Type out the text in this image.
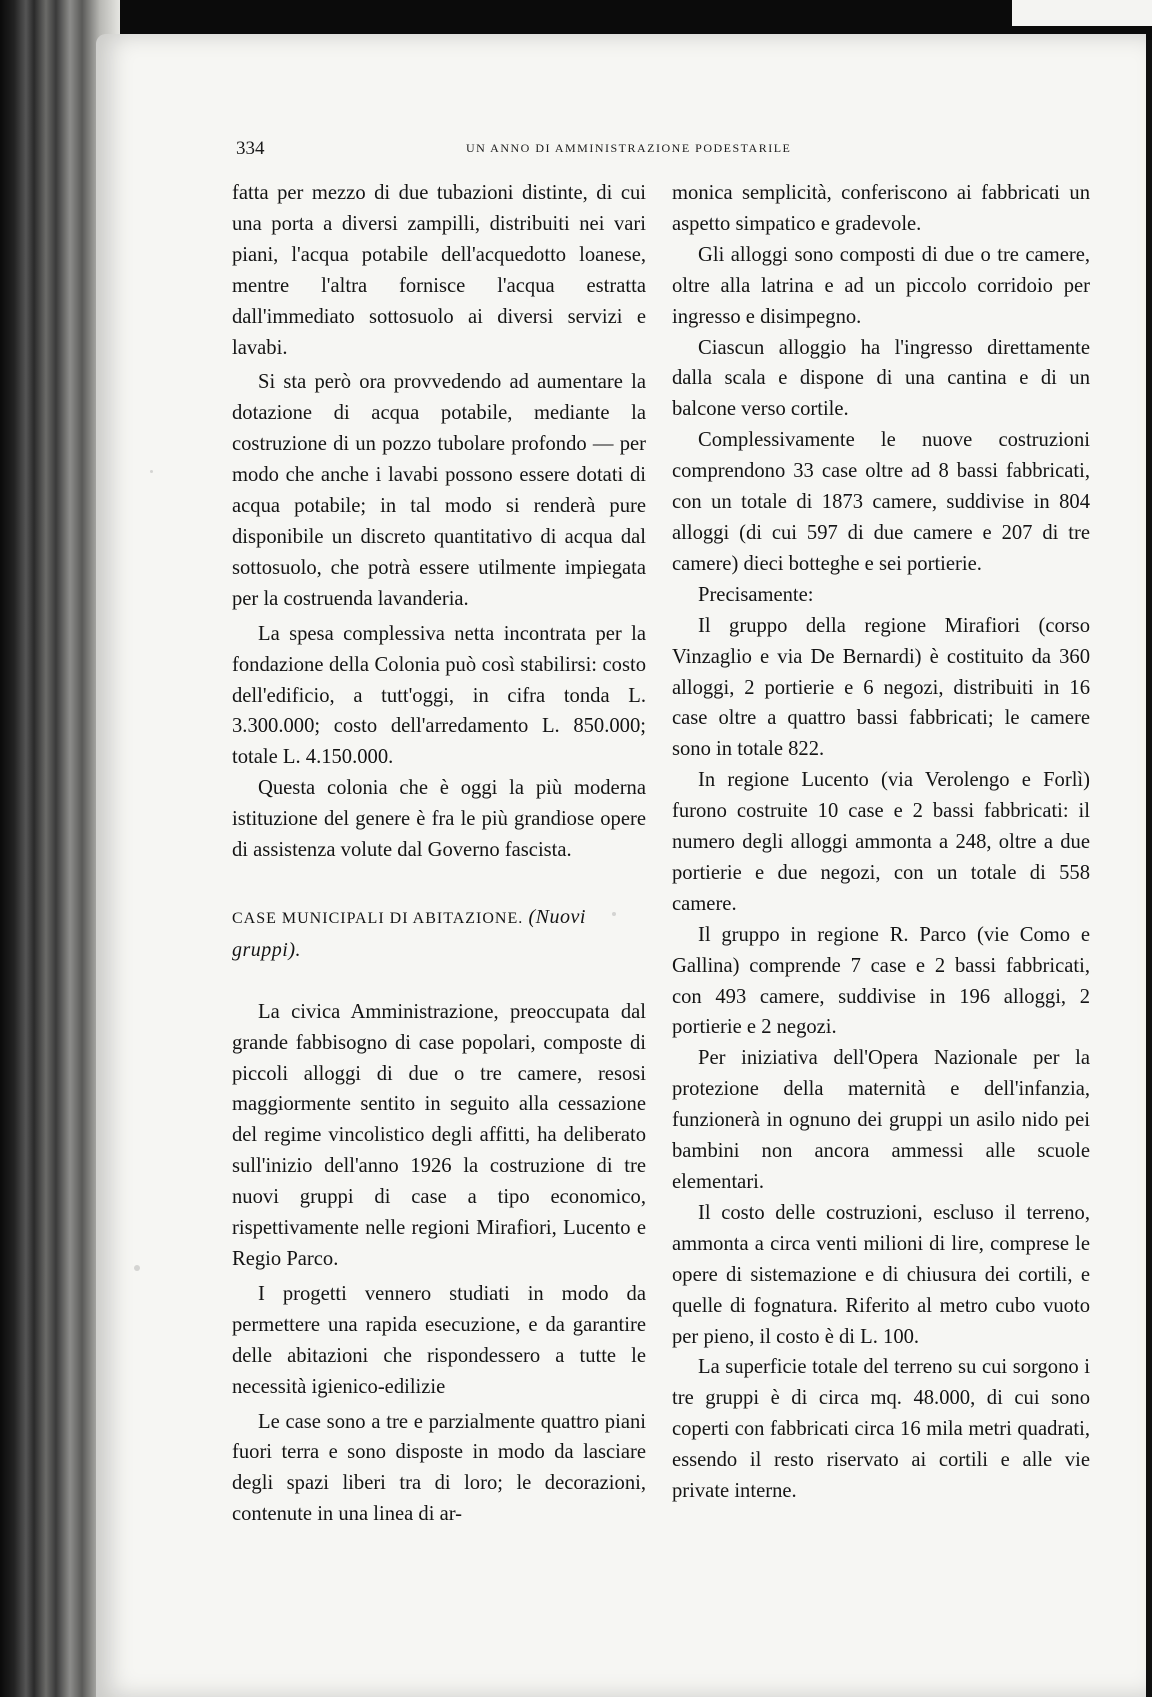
334	UN ANNO DI AMMINISTRAZIONE PODESTARILE

fatta per mezzo di due tubazioni distinte, di cui una porta a diversi zampilli, distribuiti nei vari piani, l'acqua potabile dell'acquedotto loanese, mentre l'altra fornisce l'acqua estratta dall'immediato sottosuolo ai diversi servizi e lavabi.

Si sta però ora provvedendo ad aumentare la dotazione di acqua potabile, mediante la costruzione di un pozzo tubolare profondo — per modo che anche i lavabi possono essere dotati di acqua potabile; in tal modo si renderà pure disponibile un discreto quantitativo di acqua dal sottosuolo, che potrà essere utilmente impiegata per la costruenda lavanderia.

La spesa complessiva netta incontrata per la fondazione della Colonia può così stabilirsi: costo dell'edificio, a tutt'oggi, in cifra tonda L. 3.300.000; costo dell'arredamento L. 850.000; totale L. 4.150.000.

Questa colonia che è oggi la più moderna istituzione del genere è fra le più grandiose opere di assistenza volute dal Governo fascista.

CASE MUNICIPALI DI ABITAZIONE. (Nuovi gruppi).

La civica Amministrazione, preoccupata dal grande fabbisogno di case popolari, composte di piccoli alloggi di due o tre camere, resosi maggiormente sentito in seguito alla cessazione del regime vincolistico degli affitti, ha deliberato sull'inizio dell'anno 1926 la costruzione di tre nuovi gruppi di case a tipo economico, rispettivamente nelle regioni Mirafiori, Lucento e Regio Parco.

I progetti vennero studiati in modo da permettere una rapida esecuzione, e da garantire delle abitazioni che rispondessero a tutte le necessità igienico-edilizie

Le case sono a tre e parzialmente quattro piani fuori terra e sono disposte in modo da lasciare degli spazi liberi tra di loro; le decorazioni, contenute in una linea di ar-

monica semplicità, conferiscono ai fabbricati un aspetto simpatico e gradevole.

Gli alloggi sono composti di due o tre camere, oltre alla latrina e ad un piccolo corridoio per ingresso e disimpegno.

Ciascun alloggio ha l'ingresso direttamente dalla scala e dispone di una cantina e di un balcone verso cortile.

Complessivamente le nuove costruzioni comprendono 33 case oltre ad 8 bassi fabbricati, con un totale di 1873 camere, suddivise in 804 alloggi (di cui 597 di due camere e 207 di tre camere) dieci botteghe e sei portierie.

Precisamente:

Il gruppo della regione Mirafiori (corso Vinzaglio e via De Bernardi) è costituito da 360 alloggi, 2 portierie e 6 negozi, distribuiti in 16 case oltre a quattro bassi fabbricati; le camere sono in totale 822.

In regione Lucento (via Verolengo e Forlì) furono costruite 10 case e 2 bassi fabbricati: il numero degli alloggi ammonta a 248, oltre a due portierie e due negozi, con un totale di 558 camere.

Il gruppo in regione R. Parco (vie Como e Gallina) comprende 7 case e 2 bassi fabbricati, con 493 camere, suddivise in 196 alloggi, 2 portierie e 2 negozi.

Per iniziativa dell'Opera Nazionale per la protezione della maternità e dell'infanzia, funzionerà in ognuno dei gruppi un asilo nido pei bambini non ancora ammessi alle scuole elementari.

Il costo delle costruzioni, escluso il terreno, ammonta a circa venti milioni di lire, comprese le opere di sistemazione e di chiusura dei cortili, e quelle di fognatura. Riferito al metro cubo vuoto per pieno, il costo è di L. 100.

La superficie totale del terreno su cui sorgono i tre gruppi è di circa mq. 48.000, di cui sono coperti con fabbricati circa 16 mila metri quadrati, essendo il resto riservato ai cortili e alle vie private interne.
